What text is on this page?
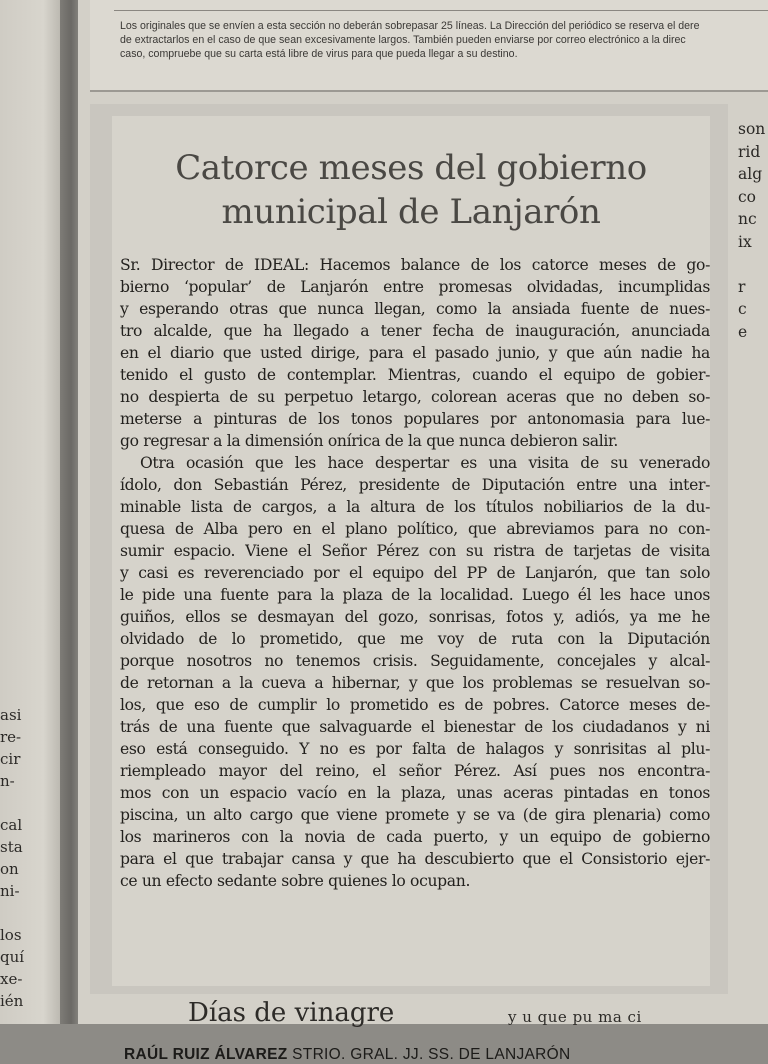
asi
re-
cir
n-

cal
sta
on
ni-

los
quí
xe-
ién
Los originales que se envíen a esta sección no deberán sobrepasar 25 líneas. La Dirección del periódico se reserva el dere
de extractarlos en el caso de que sean excesivamente largos. También pueden enviarse por correo electrónico a la direc
caso, compruebe que su carta está libre de virus para que pueda llegar a su destino.
Catorce meses del gobierno
municipal de Lanjarón
Sr. Director de IDEAL: Hacemos balance de los catorce meses de go-
bierno ‘popular’ de Lanjarón entre promesas olvidadas, incumplidas
y esperando otras que nunca llegan, como la ansiada fuente de nues-
tro alcalde, que ha llegado a tener fecha de inauguración, anunciada
en el diario que usted dirige, para el pasado junio, y que aún nadie ha
tenido el gusto de contemplar. Mientras, cuando el equipo de gobier-
no despierta de su perpetuo letargo, colorean aceras que no deben so-
meterse a pinturas de los tonos populares por antonomasia para lue-
go regresar a la dimensión onírica de la que nunca debieron salir.
Otra ocasión que les hace despertar es una visita de su venerado
ídolo, don Sebastián Pérez, presidente de Diputación entre una inter-
minable lista de cargos, a la altura de los títulos nobiliarios de la du-
quesa de Alba pero en el plano político, que abreviamos para no con-
sumir espacio. Viene el Señor Pérez con su ristra de tarjetas de visita
y casi es reverenciado por el equipo del PP de Lanjarón, que tan solo
le pide una fuente para la plaza de la localidad. Luego él les hace unos
guiños, ellos se desmayan del gozo, sonrisas, fotos y, adiós, ya me he
olvidado de lo prometido, que me voy de ruta con la Diputación
porque nosotros no tenemos crisis. Seguidamente, concejales y alcal-
de retornan a la cueva a hibernar, y que los problemas se resuelvan so-
los, que eso de cumplir lo prometido es de pobres. Catorce meses de-
trás de una fuente que salvaguarde el bienestar de los ciudadanos y ni
eso está conseguido. Y no es por falta de halagos y sonrisitas al plu-
riempleado mayor del reino, el señor Pérez. Así pues nos encontra-
mos con un espacio vacío en la plaza, unas aceras pintadas en tonos
piscina, un alto cargo que viene promete y se va (de gira plenaria) como
los marineros con la novia de cada puerto, y un equipo de gobierno
para el que trabajar cansa y que ha descubierto que el Consistorio ejer-
ce un efecto sedante sobre quienes lo ocupan.
RAÚL RUIZ ÁLVAREZ STRIO. GRAL. JJ. SS. DE LANJARÓN
Días de vinagre	y u que pu ma ci
son
rid
alg
co
nc
ix

r
c
e
